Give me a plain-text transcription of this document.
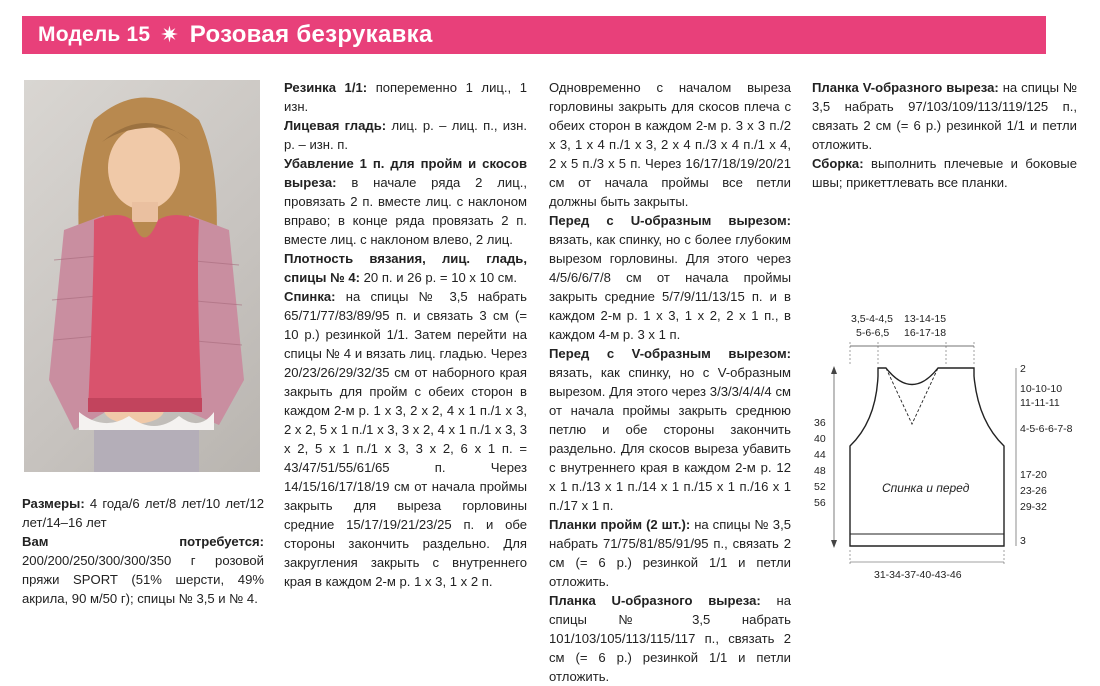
Модель 15 ✷ Розовая безрукавка

Размеры: 4 года/6 лет/8 лет/10 лет/12 лет/14–16 лет

Вам потребуется: 200/200/250/300/300/350 г розовой пряжи SPORT (51% шерсти, 49% акрила, 90 м/50 г); спицы № 3,5 и № 4.

Резинка 1/1: попеременно 1 лиц., 1 изн.

Лицевая гладь: лиц. р. – лиц. п., изн. р. – изн. п.

Убавление 1 п. для пройм и скосов выреза: в начале ряда 2 лиц., провязать 2 п. вместе лиц. с наклоном вправо; в конце ряда провязать 2 п. вместе лиц. с наклоном влево, 2 лиц.

Плотность вязания, лиц. гладь, спицы № 4: 20 п. и 26 р. = 10 х 10 см.

Спинка: на спицы № 3,5 набрать 65/71/77/83/89/95 п. и связать 3 см (= 10 р.) резинкой 1/1. Затем перейти на спицы № 4 и вязать лиц. гладью. Через 20/23/26/29/32/35 см от наборного края закрыть для пройм с обеих сторон в каждом 2-м р. 1 х 3, 2 х 2, 4 х 1 п./1 х 3, 2 х 2, 5 х 1 п./1 х 3, 3 х 2, 4 х 1 п./1 х 3, 3 х 2, 5 х 1 п./1 х 3, 3 х 2, 6 х 1 п. = 43/47/51/55/61/65 п. Через 14/15/16/17/18/19 см от начала проймы закрыть для выреза горловины средние 15/17/19/21/23/25 п. и обе стороны закончить раздельно. Для закругления закрыть с внутреннего края в каждом 2-м р. 1 х 3, 1 х 2 п.

Одновременно с началом выреза горловины закрыть для скосов плеча с обеих сторон в каждом 2-м р. 3 х 3 п./2 х 3, 1 х 4 п./1 х 3, 2 х 4 п./3 х 4 п./1 х 4, 2 х 5 п./3 х 5 п. Через 16/17/18/19/20/21 см от начала проймы все петли должны быть закрыты.

Перед с U-образным вырезом: вязать, как спинку, но с более глубоким вырезом горловины. Для этого через 4/5/6/6/7/8 см от начала проймы закрыть средние 5/7/9/11/13/15 п. и в каждом 2-м р. 1 х 3, 1 х 2, 2 х 1 п., в каждом 4-м р. 3 х 1 п.

Перед с V-образным вырезом: вязать, как спинку, но с V-образным вырезом. Для этого через 3/3/3/4/4/4 см от начала проймы закрыть среднюю петлю и обе стороны закончить раздельно. Для скосов выреза убавить с внутреннего края в каждом 2-м р. 12 х 1 п./13 х 1 п./14 х 1 п./15 х 1 п./16 х 1 п./17 х 1 п.

Планки пройм (2 шт.): на спицы № 3,5 набрать 71/75/81/85/91/95 п., связать 2 см (= 6 р.) резинкой 1/1 и петли отложить.

Планка U-образного выреза: на спицы № 3,5 набрать 101/103/105/113/115/117 п., связать 2 см (= 6 р.) резинкой 1/1 и петли отложить.

Планка V-образного выреза: на спицы № 3,5 набрать 97/103/109/113/119/125 п., связать 2 см (= 6 р.) резинкой 1/1 и петли отложить.

Сборка: выполнить плечевые и боковые швы; прикеттлевать все планки.

3,5-4-4,5
5-6-6,5
13-14-15
16-17-18
2
10-10-10
11-11-11
4-5-6-6-7-8
17-20
23-26
29-32
3
36
40
44
48
52
56
Спинка и перед
31-34-37-40-43-46
